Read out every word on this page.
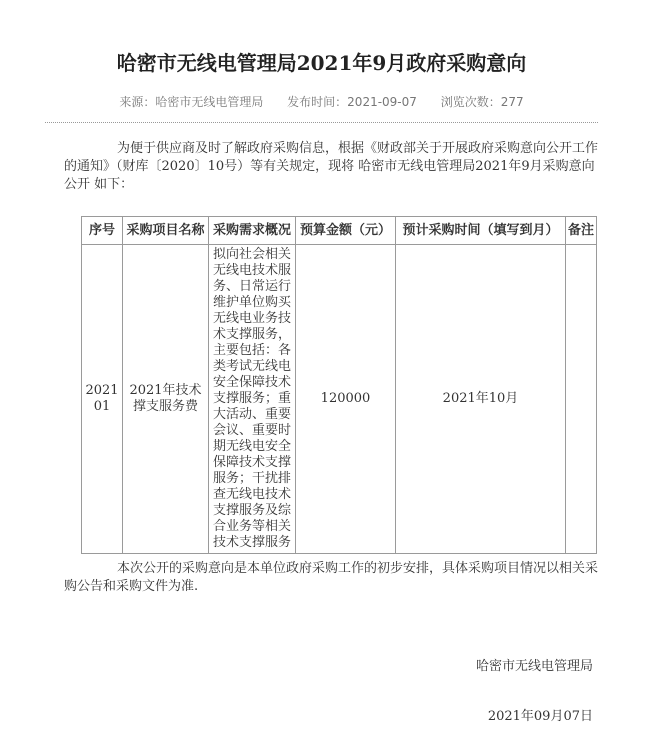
哈密市无线电管理局2021年9月政府采购意向
来源：哈密市无线电管理局 发布时间：2021-09-07 浏览次数：277

为便于供应商及时了解政府采购信息，根据《财政部关于开展政府采购意向公开工作的通知》（财库〔2020〕10号）等有关规定，现将 哈密市无线电管理局2021年9月采购意向公开 如下：

序号	采购项目名称	采购需求概况	预算金额（元）	预计采购时间（填写到月）	备注
202101	2021年技术撑支服务费	拟向社会相关无线电技术服务、日常运行维护单位购买无线电业务技术支撑服务，主要包括：各类考试无线电安全保障技术支撑服务；重大活动、重要会议、重要时期无线电安全保障技术支撑服务；干扰排查无线电技术支撑服务及综合业务等相关技术支撑服务	120000	2021年10月	

本次公开的采购意向是本单位政府采购工作的初步安排，具体采购项目情况以相关采购公告和采购文件为准.

哈密市无线电管理局
2021年09月07日
